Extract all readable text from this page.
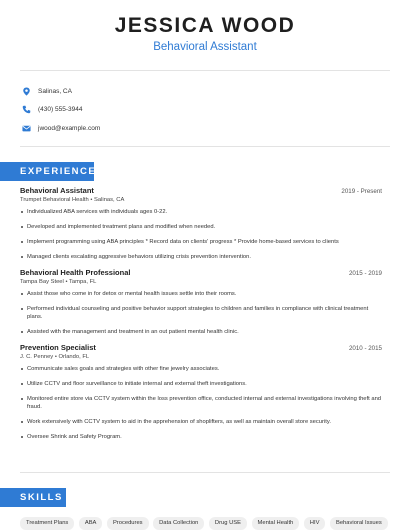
JESSICA WOOD
Behavioral Assistant
Salinas, CA
(430) 555-3944
jwood@example.com
EXPERIENCE
Behavioral Assistant	2019 - Present
Trumpet Behavioral Health • Salinas, CA
Individualized ABA services with individuals ages 0-22.
Developed and implemented treatment plans and modified when needed.
Implement programming using ABA principles * Record data on clients' progress * Provide home-based services to clients
Managed clients escalating aggressive behaviors utilizing crisis prevention intervention.
Behavioral Health Professional	2015 - 2019
Tampa Bay Steel • Tampa, FL
Assist those who come in for detox or mental health issues settle into their rooms.
Performed individual counseling and positive behavior support strategies to children and families in compliance with clinical treatment plans.
Assisted with the management and treatment in an out patient mental health clinic.
Prevention Specialist	2010 - 2015
J. C. Penney • Orlando, FL
Communicate sales goals and strategies with other fine jewelry associates.
Utilize CCTV and floor surveillance to initiate internal and external theft investigations.
Monitored entire store via CCTV system within the loss prevention office, conducted internal and external investigations involving theft and fraud.
Work extensively with CCTV system to aid in the apprehension of shoplifters, as well as maintain overall store security.
Oversee Shrink and Safety Program.
SKILLS
Treatment Plans	ABA	Procedures	Data Collection	Drug USE	Mental Health	HIV	Behavioral Issues
